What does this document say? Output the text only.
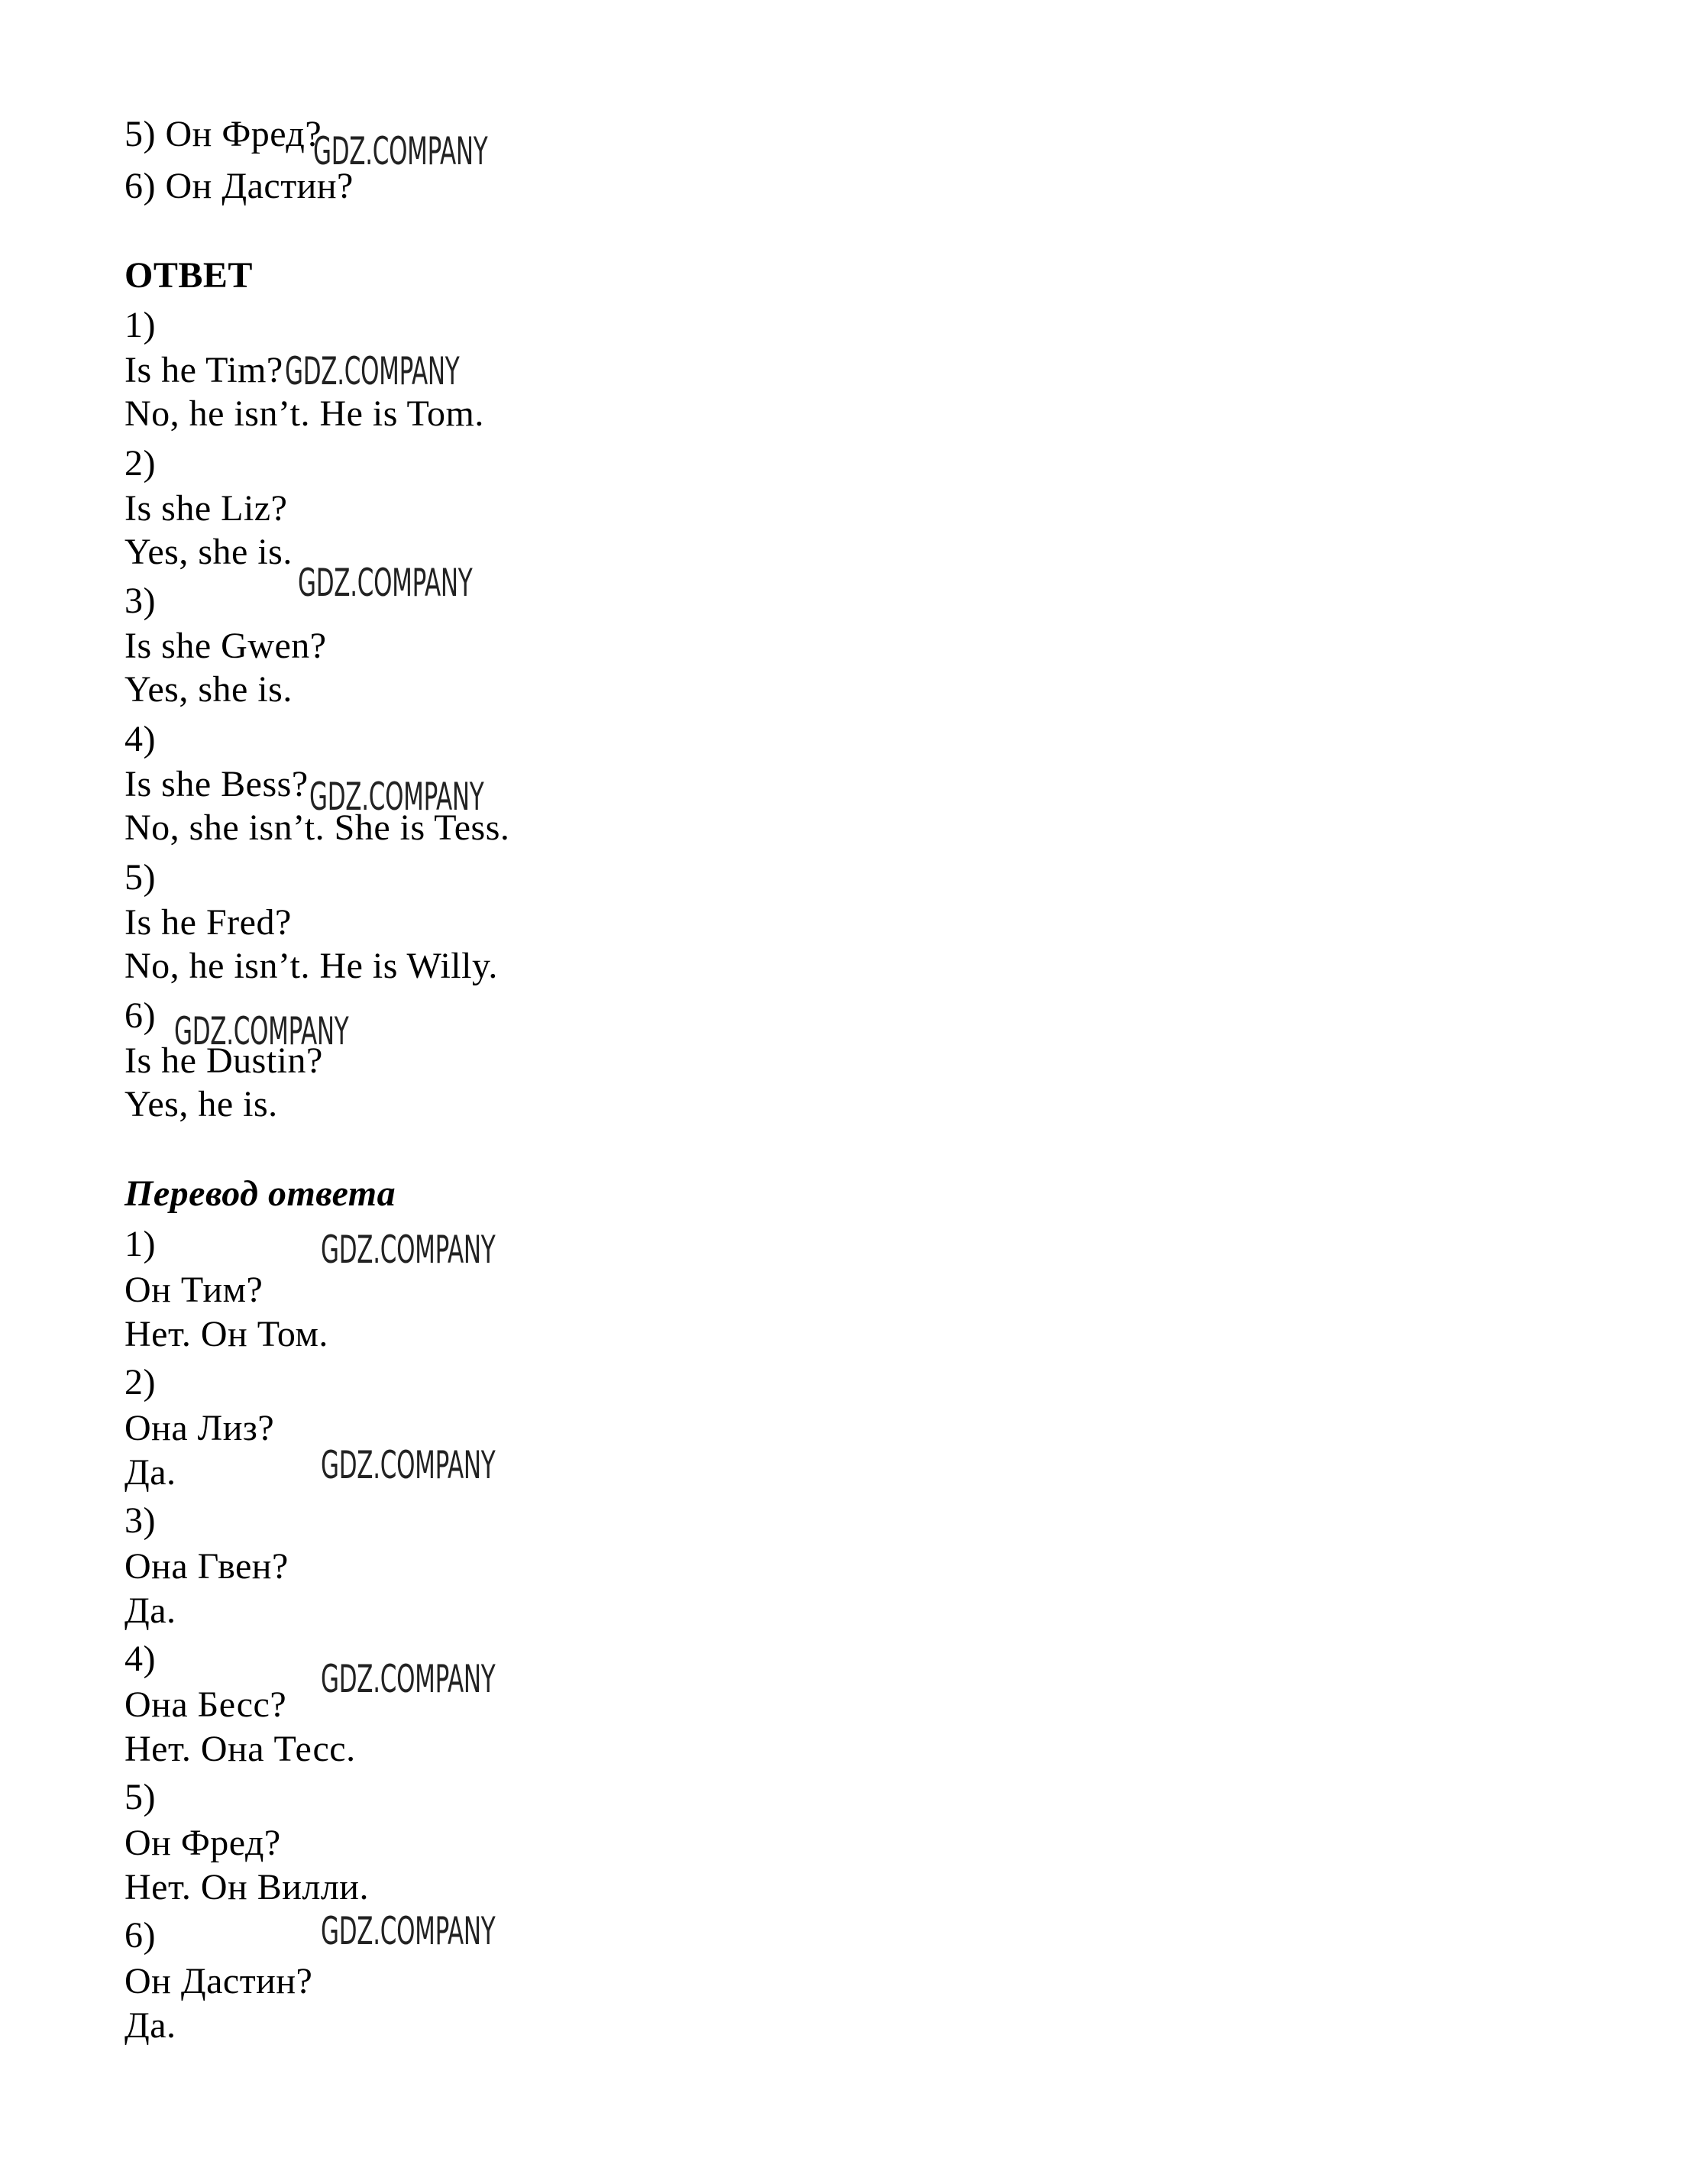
5) Он Фред?
6) Он Дастин?
ОТВЕТ
1)
Is he Tim?
No, he isn’t. He is Tom.
2)
Is she Liz?
Yes, she is.
3)
Is she Gwen?
Yes, she is.
4)
Is she Bess?
No, she isn’t. She is Tess.
5)
Is he Fred?
No, he isn’t. He is Willy.
6)
Is he Dustin?
Yes, he is.
Перевод ответа
1)
Он Тим?
Нет. Он Том.
2)
Она Лиз?
Да.
3)
Она Гвен?
Да.
4)
Она Бесс?
Нет. Она Тесс.
5)
Он Фред?
Нет. Он Вилли.
6)
Он Дастин?
Да.
GDZ.COMPANY
GDZ.COMPANY
GDZ.COMPANY
GDZ.COMPANY
GDZ.COMPANY
GDZ.COMPANY
GDZ.COMPANY
GDZ.COMPANY
GDZ.COMPANY
